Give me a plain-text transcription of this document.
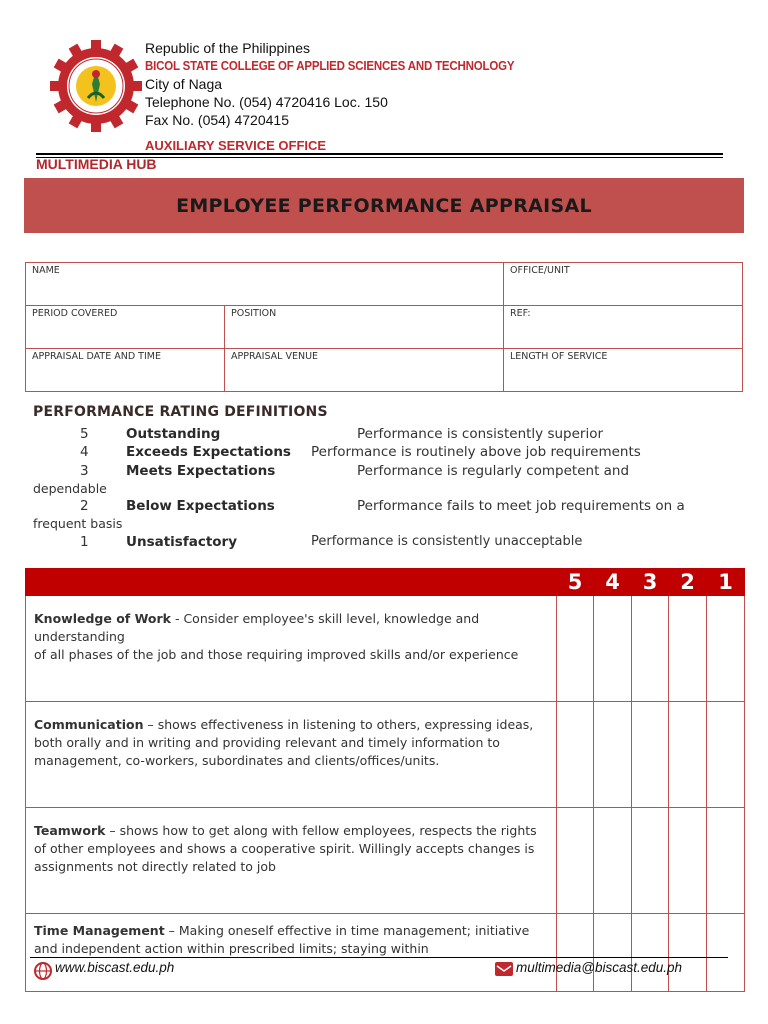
Republic of the Philippines
BICOL STATE COLLEGE OF APPLIED SCIENCES AND TECHNOLOGY
City of Naga
Telephone No. (054) 4720416 Loc. 150
Fax No. (054) 4720415
AUXILIARY SERVICE OFFICE
MULTIMEDIA HUB
EMPLOYEE PERFORMANCE APPRAISAL
NAME		OFFICE/UNIT
PERIOD COVERED	POSITION	REF:
APPRAISAL DATE AND TIME	APPRAISAL VENUE	LENGTH OF SERVICE
PERFORMANCE RATING DEFINITIONS
5	Outstanding	Performance is consistently superior
4	Exceeds Expectations Performance is routinely above job requirements
3	Meets Expectations	Performance is regularly competent and
dependable
2	Below Expectations	Performance fails to meet job requirements on a
frequent basis
1	Unsatisfactory	Performance is consistently unacceptable
	5	4	3	2	1
Knowledge of Work - Consider employee's skill level, knowledge and understanding
of all phases of the job and those requiring improved skills and/or experience					
Communication – shows effectiveness in listening to others, expressing ideas, both orally and in writing and providing relevant and timely information to management, co-workers, subordinates and clients/offices/units.					
Teamwork – shows how to get along with fellow employees, respects the rights of other employees and shows a cooperative spirit. Willingly accepts changes is assignments not directly related to job					
Time Management – Making oneself effective in time management; initiative and independent action within prescribed limits; staying within					
www.biscast.edu.ph	multimedia@biscast.edu.ph
